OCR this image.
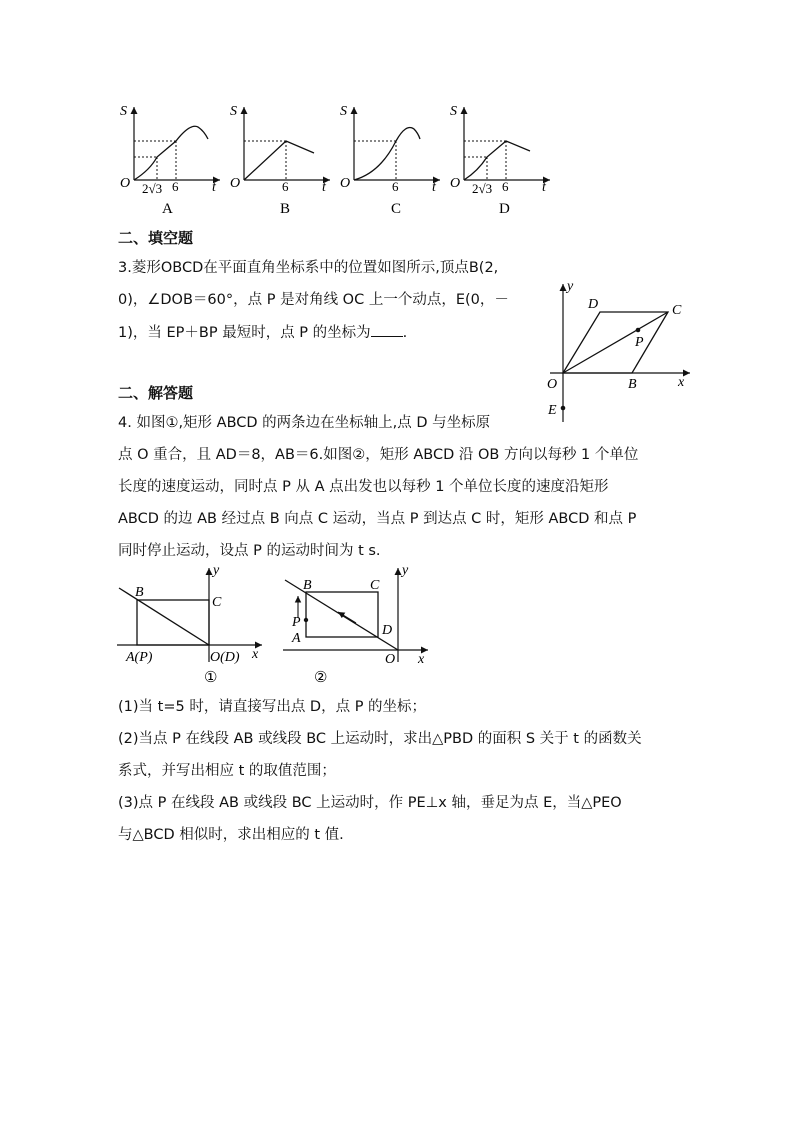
S
t
O 2√3 6
A
S
t
O	6
B
S
t
O	6
C
S
t
O 2√3 6
D
二、填空题
3.菱形OBCD在平面直角坐标系中的位置如图所示,顶点B(2,
0)，∠DOB＝60°，点 P 是对角线 OC 上一个动点，E(0，－
1)，当 EP＋BP 最短时，点 P 的坐标为 .
y
x
D	C
P
O	B
E
二、解答题
4. 如图①,矩形 ABCD 的两条边在坐标轴上,点 D 与坐标原
点 O 重合，且 AD＝8，AB＝6.如图②，矩形 ABCD 沿 OB 方向以每秒 1 个单位
长度的速度运动，同时点 P 从 A 点出发也以每秒 1 个单位长度的速度沿矩形
ABCD 的边 AB 经过点 B 向点 C 运动，当点 P 到达点 C 时，矩形 ABCD 和点 P
同时停止运动，设点 P 的运动时间为 t s.
y
x
B
C
A(P)	O(D)
①
y
x
B	C
P
A
D
O
②
(1)当 t=5 时，请直接写出点 D，点 P 的坐标；
(2)当点 P 在线段 AB 或线段 BC 上运动时，求出△PBD 的面积 S 关于 t 的函数关
系式，并写出相应 t 的取值范围；
(3)点 P 在线段 AB 或线段 BC 上运动时，作 PE⊥x 轴，垂足为点 E，当△PEO
与△BCD 相似时，求出相应的 t 值.
